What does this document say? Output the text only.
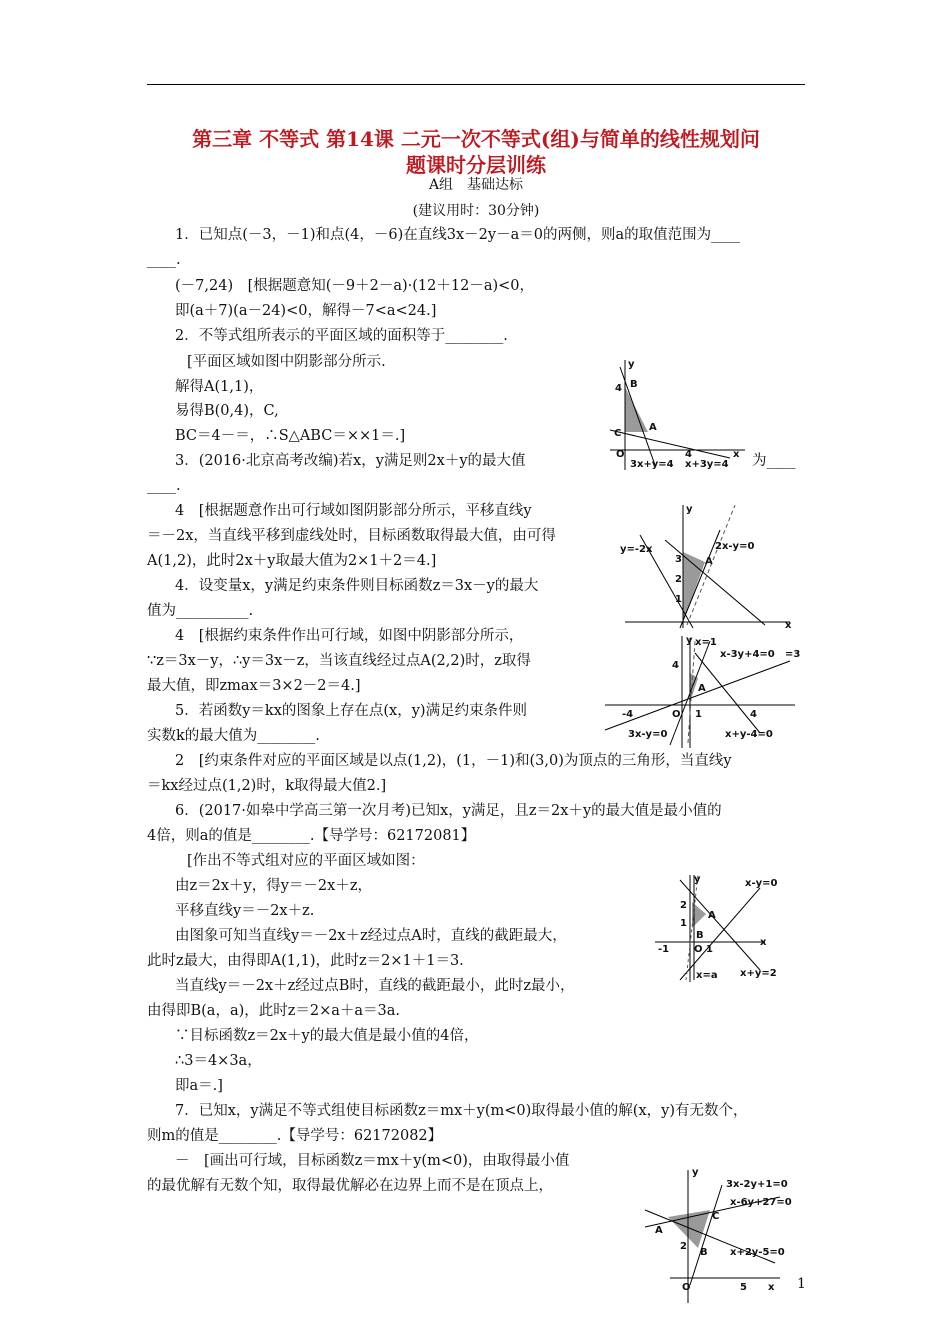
第三章 不等式 第14课 二元一次不等式(组)与简单的线性规划问
题课时分层训练
A组　基础达标
(建议用时：30分钟)
1．已知点(－3，－1)和点(4，－6)在直线3x－2y－a＝0的两侧，则a的取值范围为____
____.
(－7,24)　[根据题意知(－9＋2－a)·(12＋12－a)<0，
即(a＋7)(a－24)<0，解得－7<a<24.]
2．不等式组所表示的平面区域的面积等于________.
[平面区域如图中阴影部分所示.
解得A(1,1)，
易得B(0,4)，C,
BC＝4－＝，∴S△ABC＝××1＝.]
3．(2016·北京高考改编)若x，y满足则2x＋y的最大值	为____
____.
4　[根据题意作出可行域如图阴影部分所示，平移直线y
＝－2x，当直线平移到虚线处时，目标函数取得最大值，由可得
A(1,2)，此时2x＋y取最大值为2×1＋2＝4.]
4．设变量x，y满足约束条件则目标函数z＝3x－y的最大
值为__________.
4　[根据约束条件作出可行域，如图中阴影部分所示，
∵z＝3x－y，∴y＝3x－z，当该直线经过点A(2,2)时，z取得
最大值，即zmax＝3×2－2＝4.]
5．若函数y＝kx的图象上存在点(x，y)满足约束条件则
实数k的最大值为________.
2　[约束条件对应的平面区域是以点(1,2)，(1，－1)和(3,0)为顶点的三角形，当直线y
＝kx经过点(1,2)时，k取得最大值2.]
6．(2017·如皋中学高三第一次月考)已知x，y满足，且z＝2x＋y的最大值是最小值的
4倍，则a的值是________.【导学号：62172081】
[作出不等式组对应的平面区域如图：
由z＝2x＋y，得y＝－2x＋z，
平移直线y＝－2x＋z.
由图象可知当直线y＝－2x＋z经过点A时，直线的截距最大，
此时z最大，由得即A(1,1)，此时z＝2×1＋1＝3.
当直线y＝－2x＋z经过点B时，直线的截距最小，此时z最小，
由得即B(a，a)，此时z＝2×a＋a＝3a.
∵目标函数z＝2x＋y的最大值是最小值的4倍，
∴3＝4×3a，
即a＝.]
7．已知x，y满足不等式组使目标函数z＝mx＋y(m<0)取得最小值的解(x，y)有无数个，
则m的值是________.【导学号：62172082】
－　[画出可行域，目标函数z＝mx＋y(m<0)，由取得最小值
的最优解有无数个知，取得最优解必在边界上而不是在顶点上，
y
4 B
C
A
O
3x+y=4
4
x+3y=4
x
y
y=-2x	2x-y=0
3
2
1
A
x
y x=1
x-3y+4=0 =3
4
A
-4	O 1	4
3x-y=0	x+y-4=0
y	x-y=0
2
1
A
B
-1 O 1
x
x=a x+y=2
y
3x-2y+1=0
x-6y+27=0
C
A
2
B x+2y-5=0
O	5 x 1
